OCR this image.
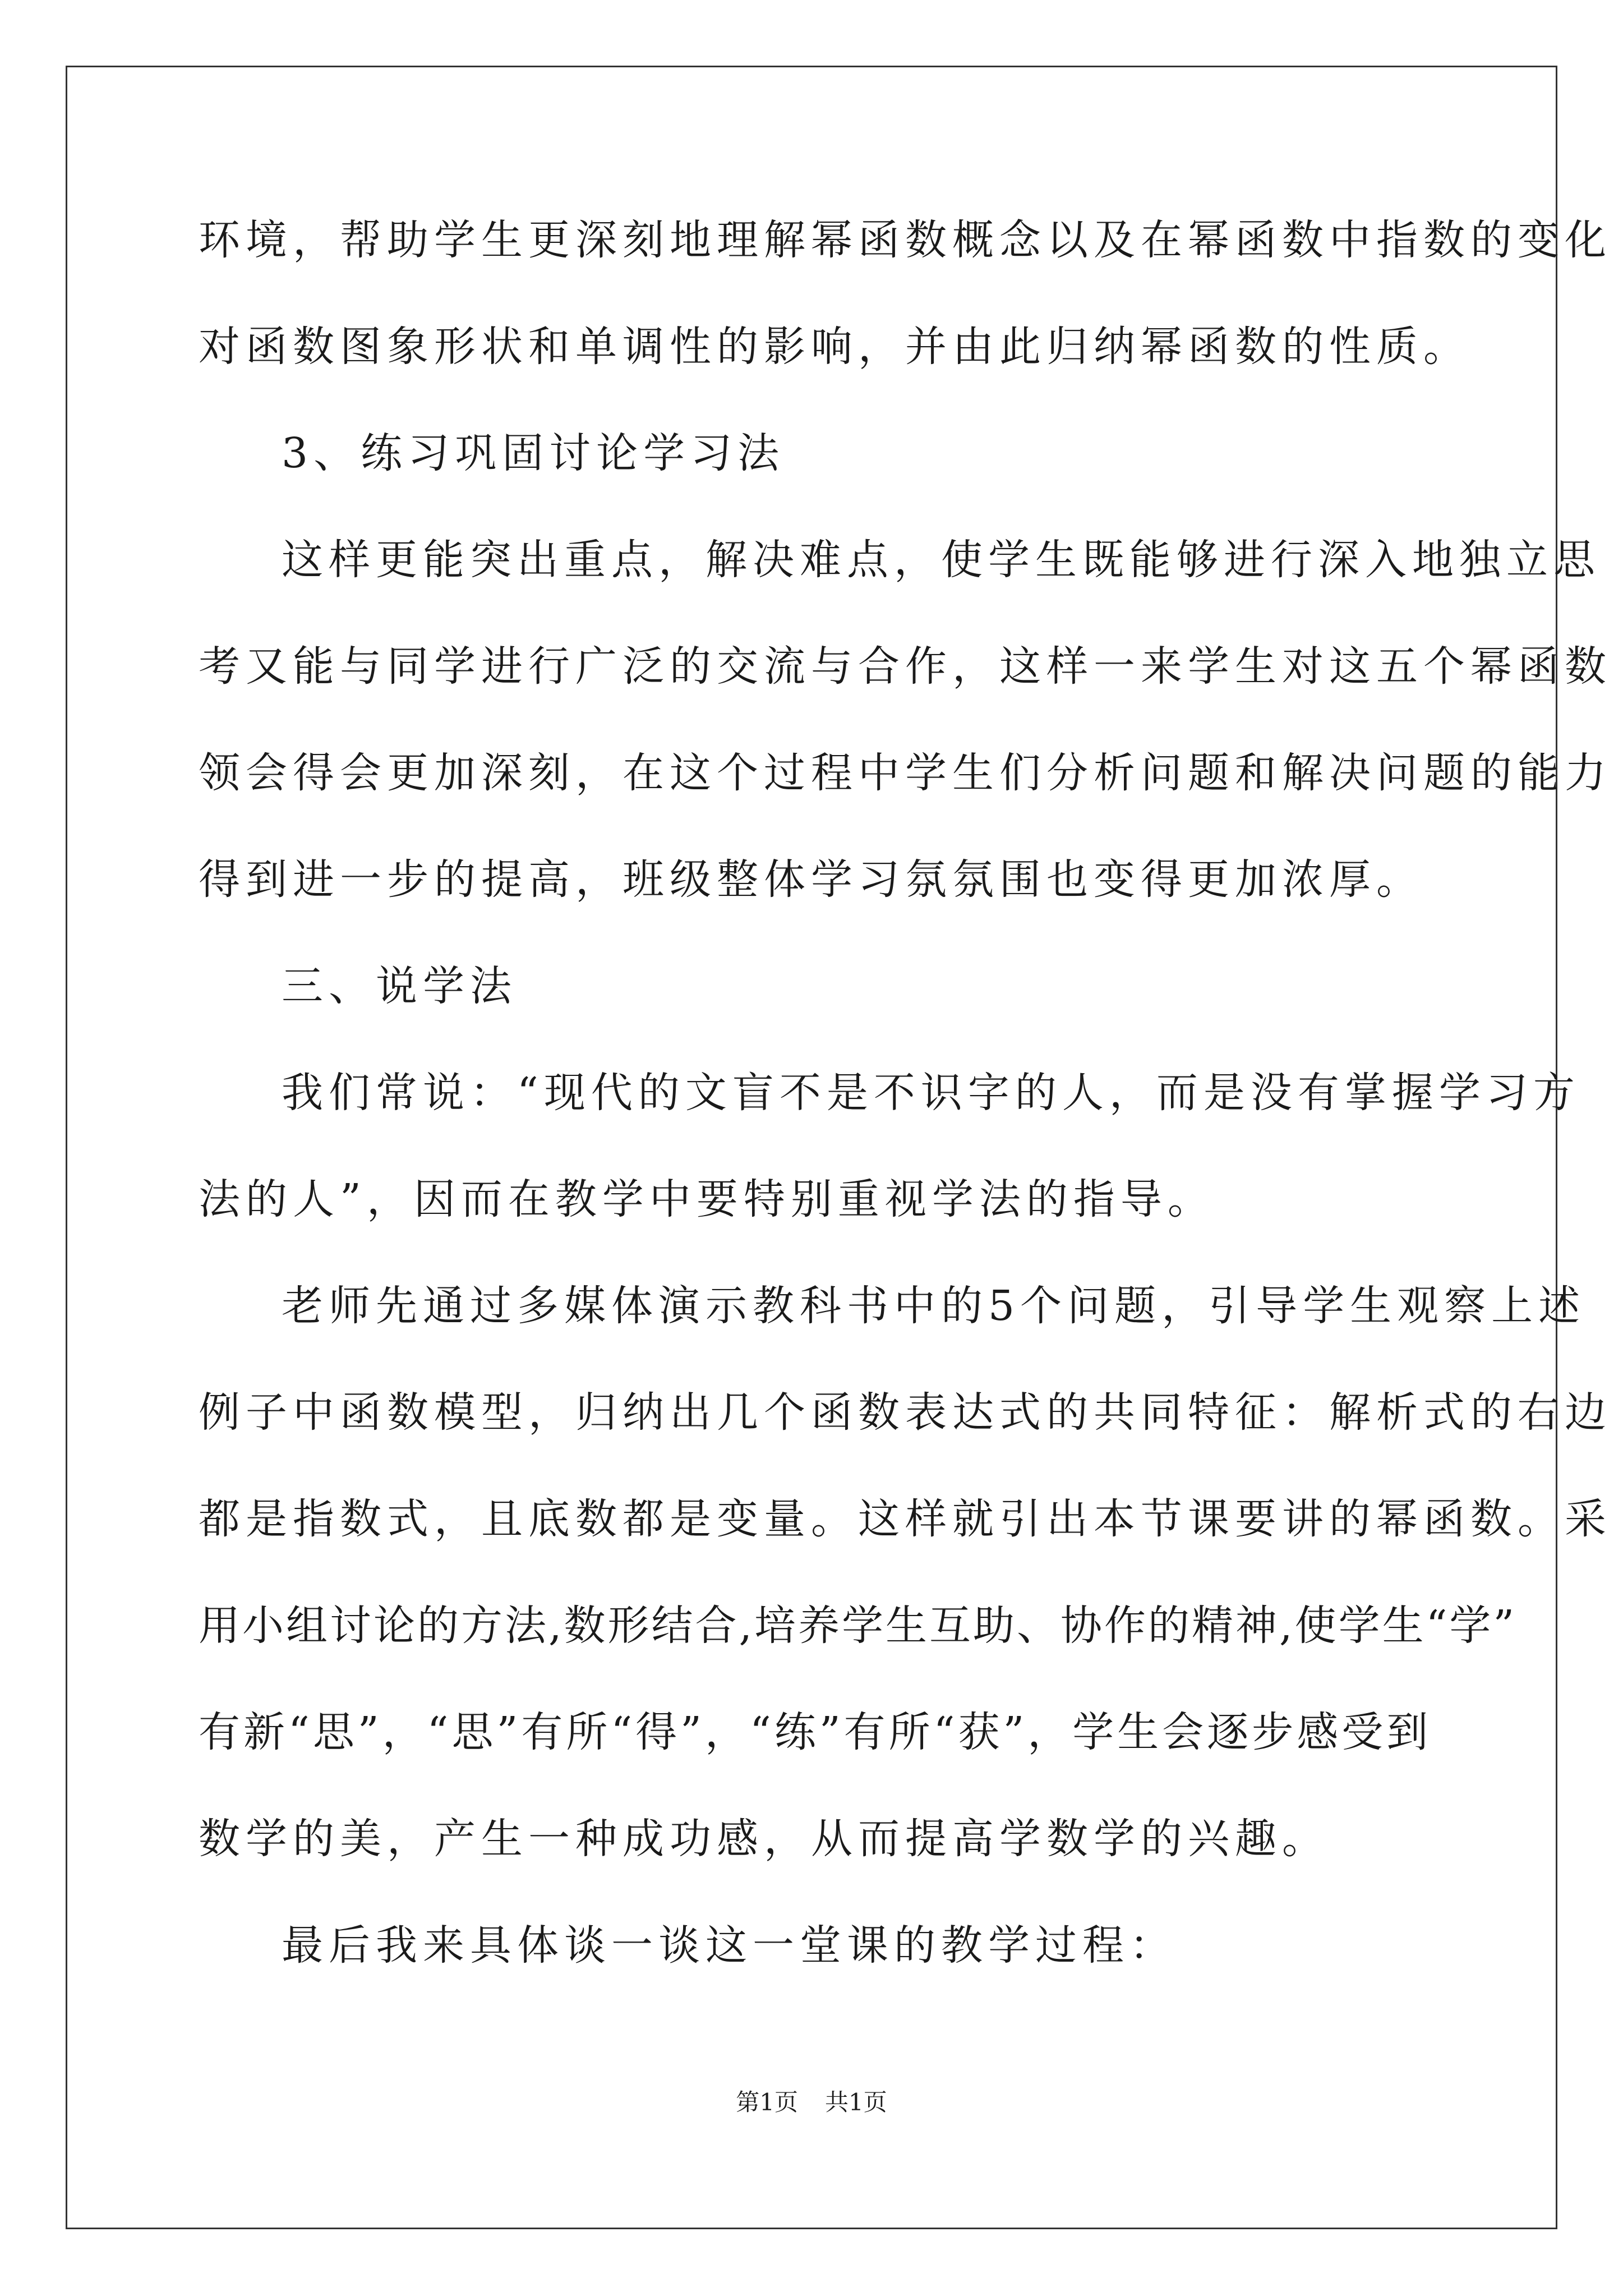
环境，帮助学生更深刻地理解幂函数概念以及在幂函数中指数的变化
对函数图象形状和单调性的影响，并由此归纳幂函数的性质。
3、练习巩固讨论学习法
这样更能突出重点，解决难点，使学生既能够进行深入地独立思
考又能与同学进行广泛的交流与合作，这样一来学生对这五个幂函数
领会得会更加深刻，在这个过程中学生们分析问题和解决问题的能力
得到进一步的提高，班级整体学习氛氛围也变得更加浓厚。
三、说学法
我们常说：“现代的文盲不是不识字的人，而是没有掌握学习方
法的人”，因而在教学中要特别重视学法的指导。
老师先通过多媒体演示教科书中的5个问题，引导学生观察上述
例子中函数模型，归纳出几个函数表达式的共同特征：解析式的右边
都是指数式，且底数都是变量。这样就引出本节课要讲的幂函数。采
用小组讨论的方法,数形结合,培养学生互助、协作的精神,使学生“学”
有新“思”，“思”有所“得”，“练”有所“获”，学生会逐步感受到
数学的美，产生一种成功感，从而提高学数学的兴趣。
最后我来具体谈一谈这一堂课的教学过程：
第1页 共1页
